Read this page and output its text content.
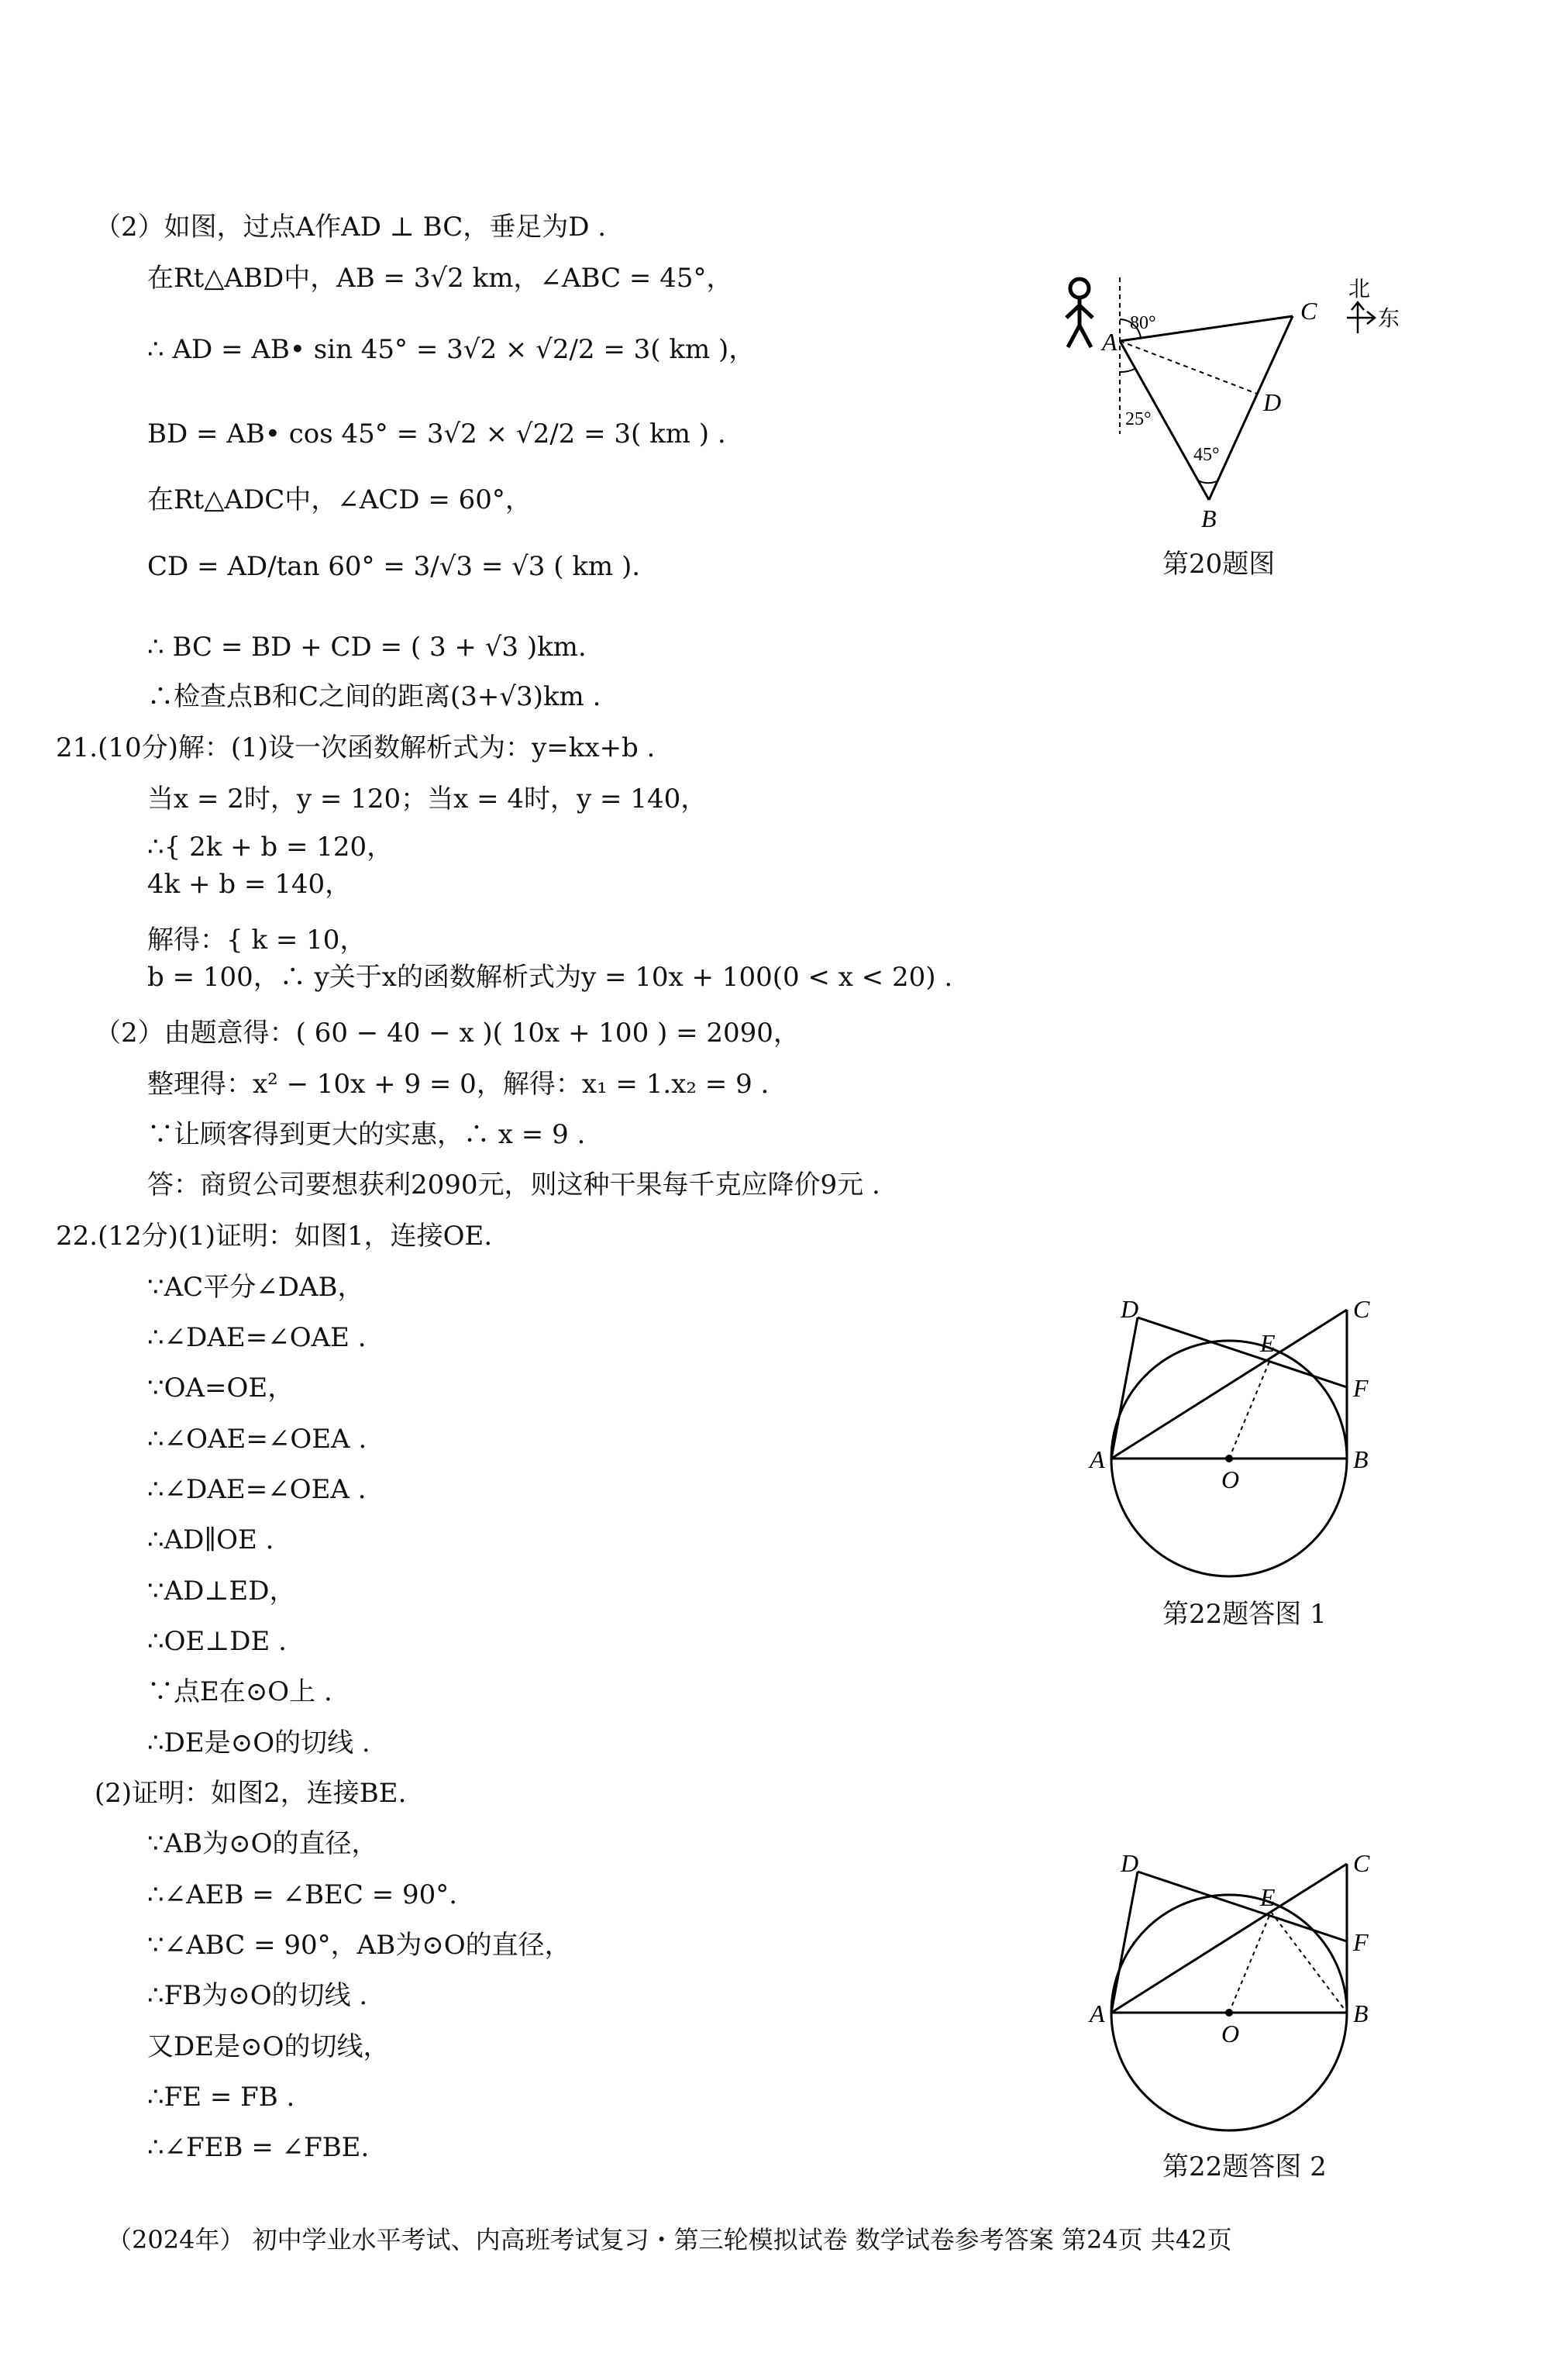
（2）如图，过点A作AD ⊥ BC，垂足为D .
在Rt△ABD中，AB = 3√2 km，∠ABC = 45°，
∴ AD = AB• sin 45° = 3√2 × √2/2 = 3( km )，
BD = AB• cos 45° = 3√2 × √2/2 = 3( km ) .
在Rt△ADC中，∠ACD = 60°，
CD = AD/tan 60° = 3/√3 = √3 ( km ).
∴ BC = BD + CD = ( 3 + √3 )km.
∴检查点B和C之间的距离(3+√3)km .
21.(10分)解：(1)设一次函数解析式为：y=kx+b .
当x = 2时，y = 120；当x = 4时，y = 140，
∴{ 2k + b = 120，
4k + b = 140，
解得：{ k = 10，
b = 100，∴ y关于x的函数解析式为y = 10x + 100(0 < x < 20) .
（2）由题意得：( 60 − 40 − x )( 10x + 100 ) = 2090，
整理得：x² − 10x + 9 = 0，解得：x₁ = 1.x₂ = 9 .
∵让顾客得到更大的实惠，∴ x = 9 .
答：商贸公司要想获利2090元，则这种干果每千克应降价9元 .
22.(12分)(1)证明：如图1，连接OE.
∵AC平分∠DAB，
∴∠DAE=∠OAE .
∵OA=OE，
∴∠OAE=∠OEA .
∴∠DAE=∠OEA .
∴AD∥OE .
∵AD⊥ED，
∴OE⊥DE .
∵点E在⊙O上 .
∴DE是⊙O的切线 .
(2)证明：如图2，连接BE.
∵AB为⊙O的直径，
∴∠AEB = ∠BEC = 90°.
∵∠ABC = 90°，AB为⊙O的直径，
∴FB为⊙O的切线 .
又DE是⊙O的切线，
∴FE = FB .
∴∠FEB = ∠FBE.
北
东
A
C
D
B
80°
25°
45°
第20题图
A	B
C
D
E
F
O
第22题答图 1
A	B
C
D
E
F
O
第22题答图 2
（2024年） 初中学业水平考试、内高班考试复习・第三轮模拟试卷 数学试卷参考答案 第24页 共42页
